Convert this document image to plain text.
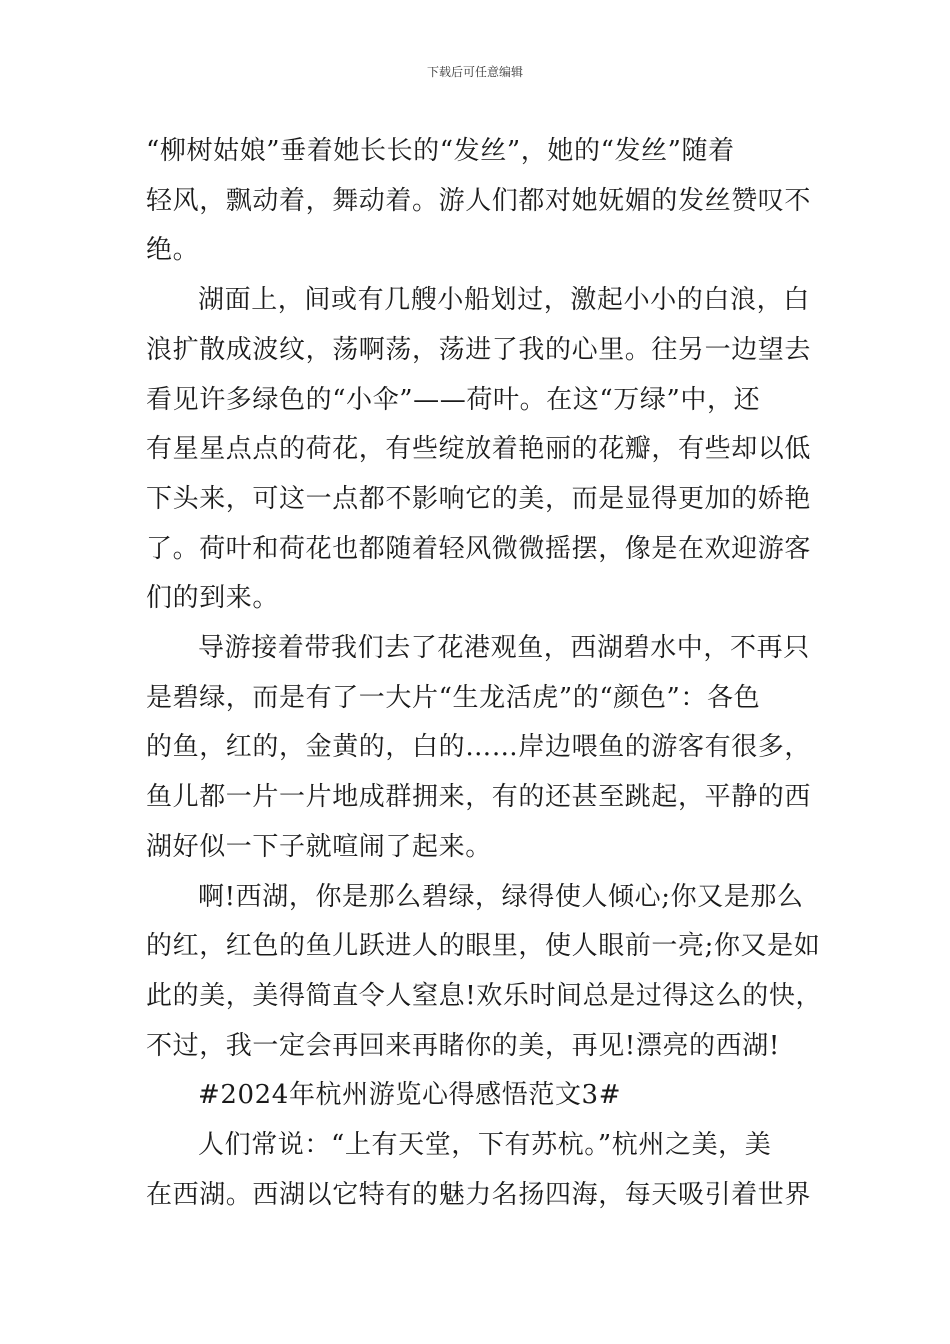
下载后可任意编辑

“柳树姑娘”垂着她长长的“发丝”，她的“发丝”随着
轻风，飘动着，舞动着。游人们都对她妩媚的发丝赞叹不
绝。

湖面上，间或有几艘小船划过，激起小小的白浪，白
浪扩散成波纹，荡啊荡，荡进了我的心里。往另一边望去
看见许多绿色的“小伞”——荷叶。在这“万绿”中，还
有星星点点的荷花，有些绽放着艳丽的花瓣，有些却以低
下头来，可这一点都不影响它的美，而是显得更加的娇艳
了。荷叶和荷花也都随着轻风微微摇摆，像是在欢迎游客
们的到来。

导游接着带我们去了花港观鱼，西湖碧水中，不再只
是碧绿，而是有了一大片“生龙活虎”的“颜色”：各色
的鱼，红的，金黄的，白的……岸边喂鱼的游客有很多，
鱼儿都一片一片地成群拥来，有的还甚至跳起，平静的西
湖好似一下子就喧闹了起来。

啊!西湖，你是那么碧绿，绿得使人倾心;你又是那么
的红，红色的鱼儿跃进人的眼里，使人眼前一亮;你又是如
此的美，美得简直令人窒息!欢乐时间总是过得这么的快，
不过，我一定会再回来再睹你的美，再见!漂亮的西湖!

#2024年杭州游览心得感悟范文3#

人们常说：“上有天堂，下有苏杭。”杭州之美，美
在西湖。西湖以它特有的魅力名扬四海，每天吸引着世界
